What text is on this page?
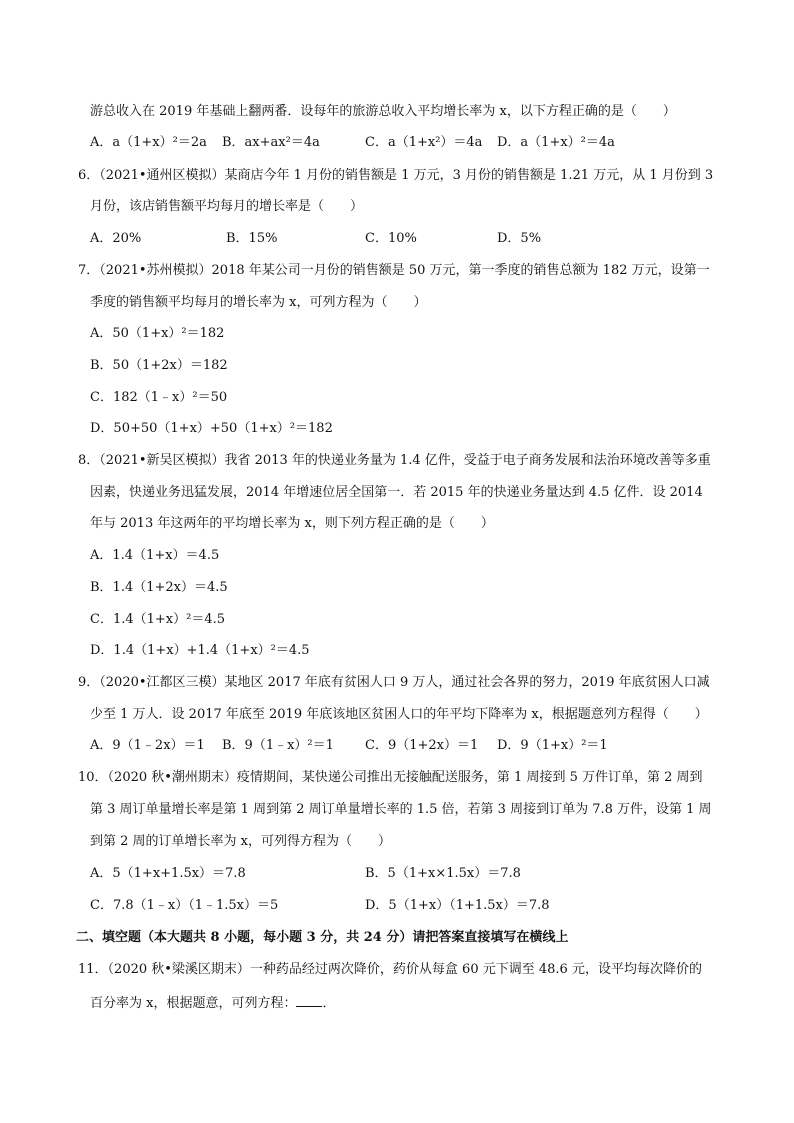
游总收入在 2019 年基础上翻两番．设每年的旅游总收入平均增长率为 x，以下方程正确的是（　　）
A．a（1+x）²＝2a B．ax+ax²＝4a	C．a（1+x²）＝4a D．a（1+x）²＝4a
6．（2021•通州区模拟）某商店今年 1 月份的销售额是 1 万元，3 月份的销售额是 1.21 万元，从 1 月份到 3
月份，该店销售额平均每月的增长率是（　　）
A．20%	B．15%	C．10%	D．5%
7．（2021•苏州模拟）2018 年某公司一月份的销售额是 50 万元，第一季度的销售总额为 182 万元，设第一
季度的销售额平均每月的增长率为 x，可列方程为（　　）
A．50（1+x）²＝182
B．50（1+2x）＝182
C．182（1﹣x）²＝50
D．50+50（1+x）+50（1+x）²＝182
8．（2021•新吴区模拟）我省 2013 年的快递业务量为 1.4 亿件，受益于电子商务发展和法治环境改善等多重
因素，快递业务迅猛发展，2014 年增速位居全国第一．若 2015 年的快递业务量达到 4.5 亿件．设 2014
年与 2013 年这两年的平均增长率为 x，则下列方程正确的是（　　）
A．1.4（1+x）＝4.5
B．1.4（1+2x）＝4.5
C．1.4（1+x）²＝4.5
D．1.4（1+x）+1.4（1+x）²＝4.5
9．（2020•江都区三模）某地区 2017 年底有贫困人口 9 万人，通过社会各界的努力，2019 年底贫困人口减
少至 1 万人．设 2017 年底至 2019 年底该地区贫困人口的年平均下降率为 x，根据题意列方程得（　　）
A．9（1﹣2x）＝1 B．9（1﹣x）²＝1 C．9（1+2x）＝1 D．9（1+x）²＝1
10．（2020 秋•潮州期末）疫情期间，某快递公司推出无接触配送服务，第 1 周接到 5 万件订单，第 2 周到
第 3 周订单量增长率是第 1 周到第 2 周订单量增长率的 1.5 倍，若第 3 周接到订单为 7.8 万件，设第 1 周
到第 2 周的订单增长率为 x，可列得方程为（　　）
A．5（1+x+1.5x）＝7.8	B．5（1+x×1.5x）＝7.8
C．7.8（1﹣x）（1﹣1.5x）＝5	D．5（1+x）（1+1.5x）＝7.8
二、填空题（本大题共 8 小题，每小题 3 分，共 24 分）请把答案直接填写在横线上
11．（2020 秋•梁溪区期末）一种药品经过两次降价，药价从每盒 60 元下调至 48.6 元，设平均每次降价的
百分率为 x，根据题意，可列方程： ．
